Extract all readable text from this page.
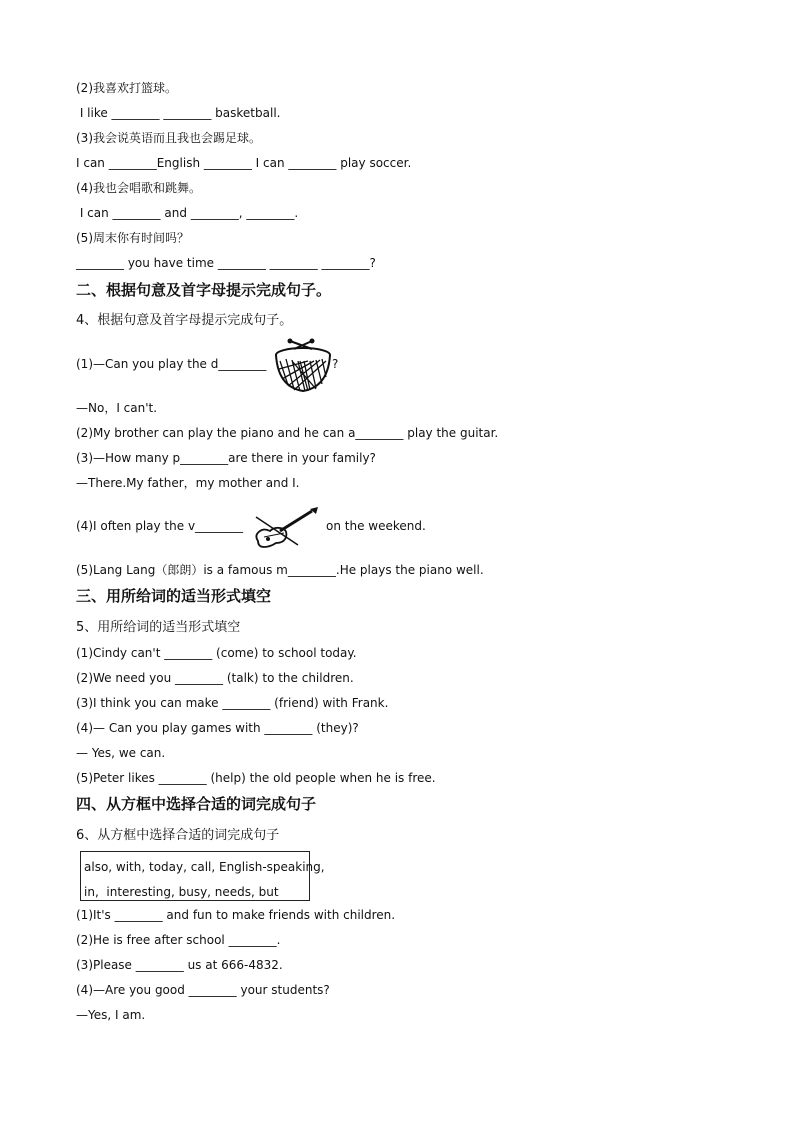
(2)我喜欢打篮球。
I like ________ ________ basketball.
(3)我会说英语而且我也会踢足球。
I can ________English ________ I can ________ play soccer.
(4)我也会唱歌和跳舞。
I can ________ and ________, ________.
(5)周末你有时间吗？
________ you have time ________ ________ ________?
二、根据句意及首字母提示完成句子。
4、根据句意及首字母提示完成句子。
(1)—Can you play the d________	?
—No，I can't.
(2)My brother can play the piano and he can a________ play the guitar.
(3)—How many p________are there in your family?
—There.My father，my mother and I.
(4)I often play the v________	on the weekend.
(5)Lang Lang（郎朗）is a famous m________.He plays the piano well.
三、用所给词的适当形式填空
5、用所给词的适当形式填空
(1)Cindy can't ________ (come) to school today.
(2)We need you ________ (talk) to the children.
(3)I think you can make ________ (friend) with Frank.
(4)— Can you play games with ________ (they)?
— Yes, we can.
(5)Peter likes ________ (help) the old people when he is free.
四、从方框中选择合适的词完成句子
6、从方框中选择合适的词完成句子
also, with, today, call, English-speaking,
in,  interesting, busy, needs, but
(1)It's ________ and fun to make friends with children.
(2)He is free after school ________.
(3)Please ________ us at 666-4832.
(4)—Are you good ________ your students?
—Yes, I am.
